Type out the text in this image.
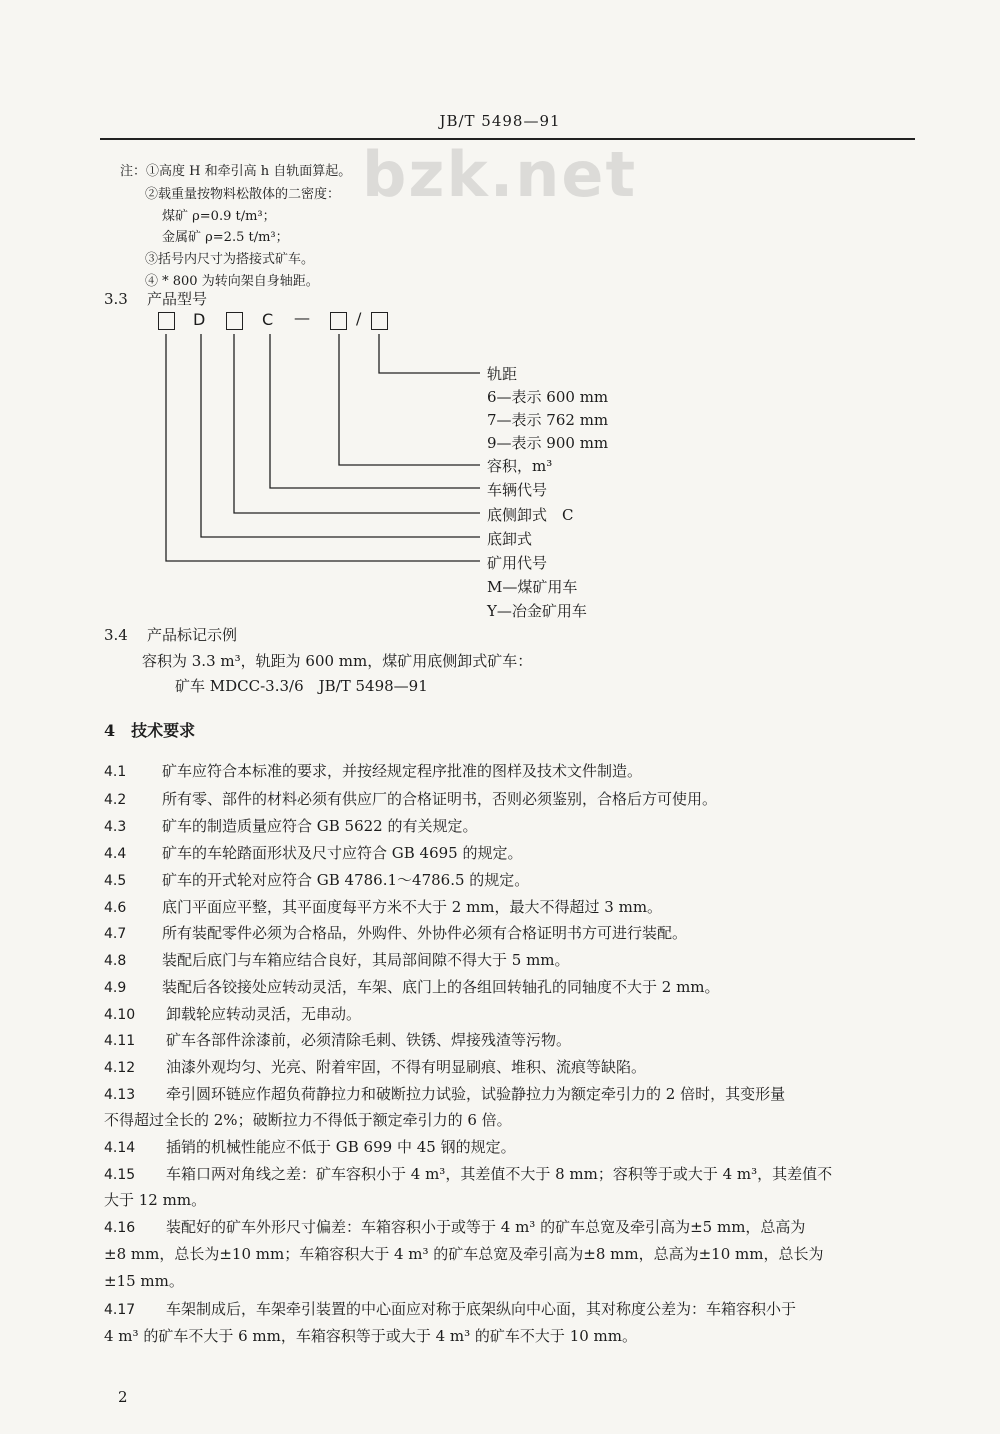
JB/T 5498—91
bzk.net
注：①高度 H 和牵引高 h 自轨面算起。
②载重量按物料松散体的二密度：
煤矿 ρ=0.9 t/m³；
金属矿 ρ=2.5 t/m³；
③括号内尺寸为搭接式矿车。
④ * 800 为转向架自身轴距。
3.3 产品型号
D	C —	/
轨距
6—表示 600 mm
7—表示 762 mm
9—表示 900 mm
容积，m³
车辆代号
底侧卸式　C
底卸式
矿用代号
M—煤矿用车
Y—冶金矿用车
3.4 产品标记示例
容积为 3.3 m³，轨距为 600 mm，煤矿用底侧卸式矿车：
矿车 MDCC-3.3/6　JB/T 5498—91
4　技术要求
4.1 矿车应符合本标准的要求，并按经规定程序批准的图样及技术文件制造。
4.2 所有零、部件的材料必须有供应厂的合格证明书，否则必须鉴别，合格后方可使用。
4.3 矿车的制造质量应符合 GB 5622 的有关规定。
4.4 矿车的车轮踏面形状及尺寸应符合 GB 4695 的规定。
4.5 矿车的开式轮对应符合 GB 4786.1～4786.5 的规定。
4.6 底门平面应平整，其平面度每平方米不大于 2 mm，最大不得超过 3 mm。
4.7 所有装配零件必须为合格品，外购件、外协件必须有合格证明书方可进行装配。
4.8 装配后底门与车箱应结合良好，其局部间隙不得大于 5 mm。
4.9 装配后各铰接处应转动灵活，车架、底门上的各组回转轴孔的同轴度不大于 2 mm。
4.10 卸载轮应转动灵活，无串动。
4.11 矿车各部件涂漆前，必须清除毛刺、铁锈、焊接残渣等污物。
4.12 油漆外观均匀、光亮、附着牢固，不得有明显刷痕、堆积、流痕等缺陷。
4.13 牵引圆环链应作超负荷静拉力和破断拉力试验，试验静拉力为额定牵引力的 2 倍时，其变形量
不得超过全长的 2%；破断拉力不得低于额定牵引力的 6 倍。
4.14 插销的机械性能应不低于 GB 699 中 45 钢的规定。
4.15 车箱口两对角线之差：矿车容积小于 4 m³，其差值不大于 8 mm；容积等于或大于 4 m³，其差值不
大于 12 mm。
4.16 装配好的矿车外形尺寸偏差：车箱容积小于或等于 4 m³ 的矿车总宽及牵引高为±5 mm，总高为
±8 mm，总长为±10 mm；车箱容积大于 4 m³ 的矿车总宽及牵引高为±8 mm，总高为±10 mm，总长为
±15 mm。
4.17 车架制成后，车架牵引装置的中心面应对称于底架纵向中心面，其对称度公差为：车箱容积小于
4 m³ 的矿车不大于 6 mm，车箱容积等于或大于 4 m³ 的矿车不大于 10 mm。
2
